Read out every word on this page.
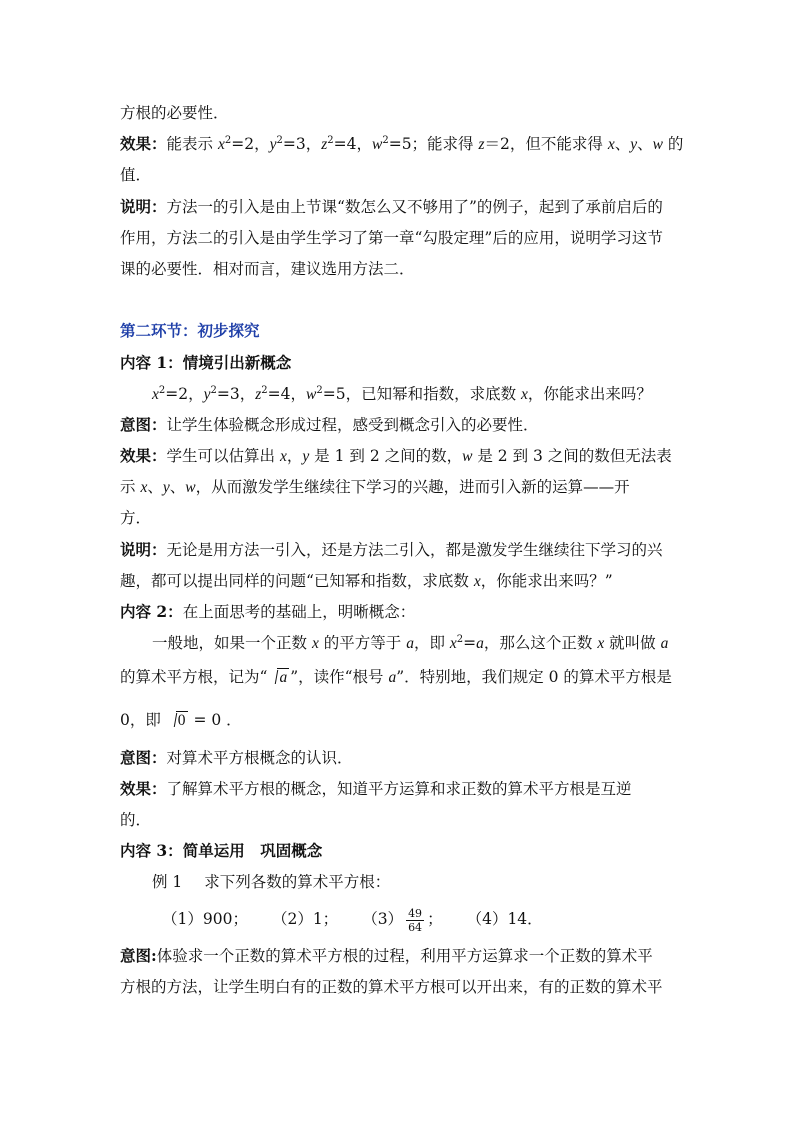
方根的必要性．
效果：能表示 $x^2=2$，$y^2=3$，$z^2=4$，$w^2=5$；能求得 z＝2，但不能求得 x、y、w 的
值．
说明：方法一的引入是由上节课“数怎么又不够用了”的例子，起到了承前启后的
作用，方法二的引入是由学生学习了第一章“勾股定理”后的应用，说明学习这节
课的必要性．相对而言，建议选用方法二．
第二环节：初步探究
内容 1：情境引出新概念
$x^2=2$，$y^2=3$，$z^2=4$，$w^2=5$，已知幂和指数，求底数 x，你能求出来吗？
意图：让学生体验概念形成过程，感受到概念引入的必要性．
效果：学生可以估算出 x，y 是 1 到 2 之间的数，w 是 2 到 3 之间的数但无法表
示 x、y、w，从而激发学生继续往下学习的兴趣，进而引入新的运算——开
方．
说明：无论是用方法一引入，还是方法二引入，都是激发学生继续往下学习的兴
趣，都可以提出同样的问题“已知幂和指数，求底数 x，你能求出来吗？”
内容 2：在上面思考的基础上，明晰概念：
一般地，如果一个正数 x 的平方等于 a，即 $x^2=a$，那么这个正数 x 就叫做 a
的算术平方根，记为“ a ”，读作“根号 a”．特别地，我们规定 0 的算术平方根是
0，即 0 = 0 ．
意图：对算术平方根概念的认识．
效果：了解算术平方根的概念，知道平方运算和求正数的算术平方根是互逆
的．
内容 3：简单运用　巩固概念
例 1 求下列各数的算术平方根：
（1）900； （2）1； $(3) \frac{49}{64}$ ； （4）14．
意图:体验求一个正数的算术平方根的过程，利用平方运算求一个正数的算术平
方根的方法，让学生明白有的正数的算术平方根可以开出来，有的正数的算术平
